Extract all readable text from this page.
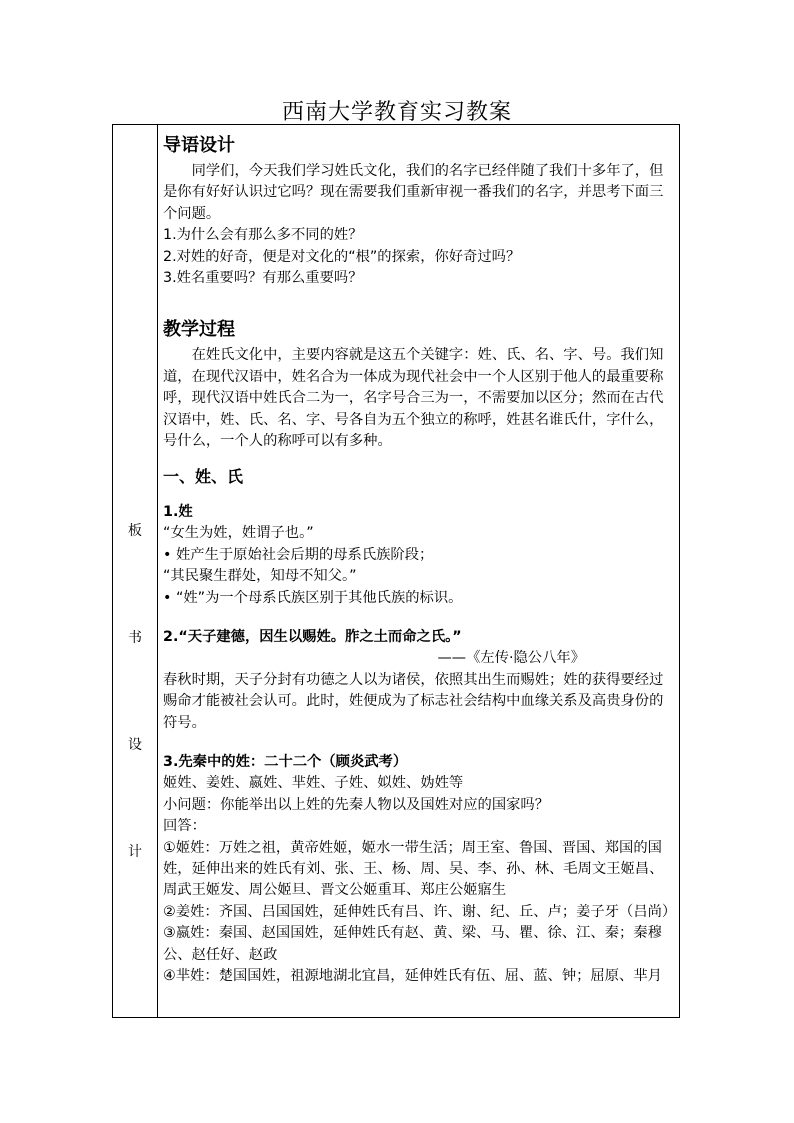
西南大学教育实习教案
板
书
设
计
导语设计

同学们，今天我们学习姓氏文化，我们的名字已经伴随了我们十多年了，但是你有好好认识过它吗？现在需要我们重新审视一番我们的名字，并思考下面三个问题。

1.为什么会有那么多不同的姓？

2.对姓的好奇，便是对文化的“根”的探索，你好奇过吗？

3.姓名重要吗？有那么重要吗？

教学过程

在姓氏文化中，主要内容就是这五个关键字：姓、氏、名、字、号。我们知道，在现代汉语中，姓名合为一体成为现代社会中一个人区别于他人的最重要称呼，现代汉语中姓氏合二为一，名字号合三为一，不需要加以区分；然而在古代汉语中，姓、氏、名、字、号各自为五个独立的称呼，姓甚名谁氏什，字什么，号什么，一个人的称呼可以有多种。

一、姓、氏

1.姓

“女生为姓，姓谓子也。”

• 姓产生于原始社会后期的母系氏族阶段；

“其民聚生群处，知母不知父。”

• “姓”为一个母系氏族区别于其他氏族的标识。

2.“天子建德，因生以赐姓。胙之土而命之氏。”

——《左传·隐公八年》

春秋时期，天子分封有功德之人以为诸侯，依照其出生而赐姓；姓的获得要经过赐命才能被社会认可。此时，姓便成为了标志社会结构中血缘关系及高贵身份的符号。

3.先秦中的姓：二十二个（顾炎武考）

姬姓、姜姓、嬴姓、芈姓、子姓、姒姓、妫姓等

小问题：你能举出以上姓的先秦人物以及国姓对应的国家吗？

回答：

①姬姓：万姓之祖，黄帝姓姬，姬水一带生活；周王室、鲁国、晋国、郑国的国姓，延伸出来的姓氏有刘、张、王、杨、周、吴、李、孙、林、毛周文王姬昌、周武王姬发、周公姬旦、晋文公姬重耳、郑庄公姬寤生

②姜姓：齐国、吕国国姓，延伸姓氏有吕、许、谢、纪、丘、卢；姜子牙（吕尚）

③嬴姓：秦国、赵国国姓，延伸姓氏有赵、黄、梁、马、瞿、徐、江、秦；秦穆公、赵任好、赵政

④芈姓：楚国国姓，祖源地湖北宜昌，延伸姓氏有伍、屈、蓝、钟；屈原、芈月
